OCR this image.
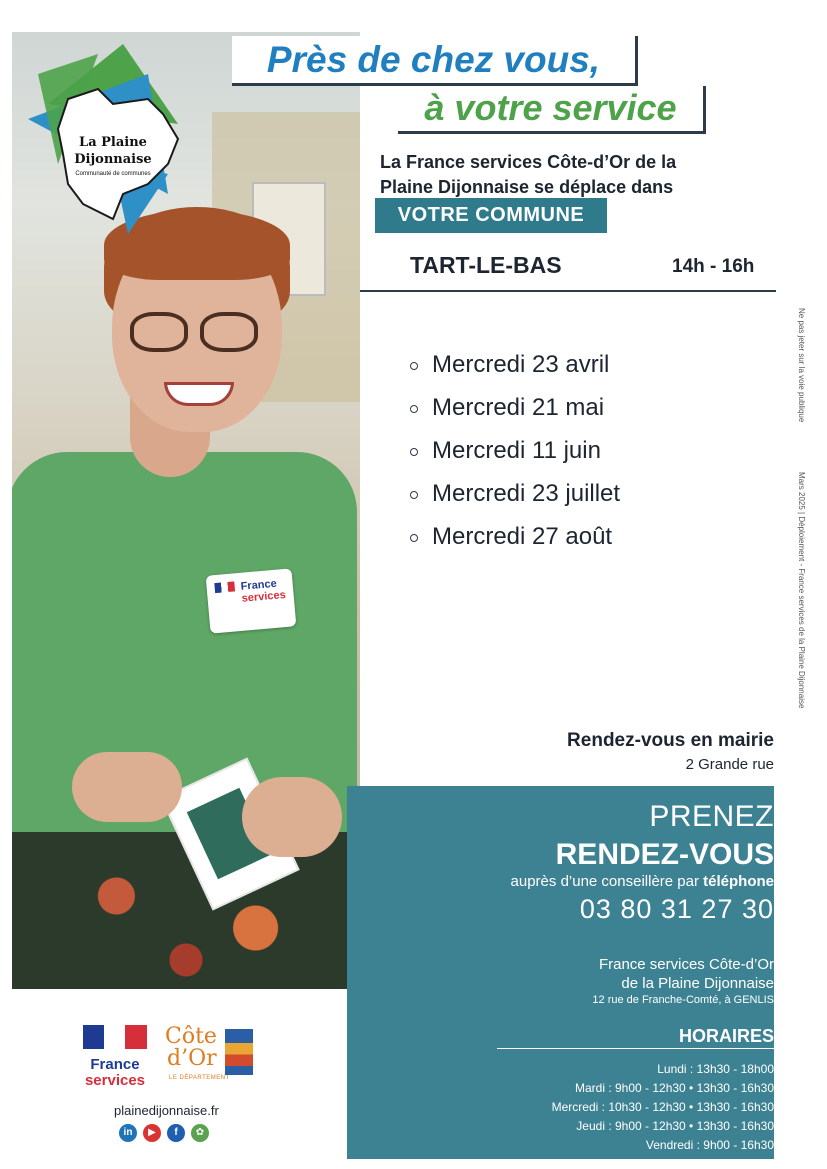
France
services
La Plaine
Dijonnaise
Communauté de communes
Près de chez vous,
à votre service
La France services Côte-d’Or de la
Plaine Dijonnaise se déplace dans
VOTRE COMMUNE
TART-LE-BAS	14h - 16h
Mercredi 23 avril
Mercredi 21 mai
Mercredi 11 juin
Mercredi 23 juillet
Mercredi 27 août
Ne pas jeter sur la voie publique
Mars 2025 | Déploiement - France services de la Plaine Dijonnaise
Rendez-vous en mairie
2 Grande rue
PRENEZ
RENDEZ-VOUS
auprès d’une conseillère par téléphone
03 80 31 27 30
France services Côte-d’Or
de la Plaine Dijonnaise
12 rue de Franche-Comté, à GENLIS
HORAIRES
Lundi : 13h30 - 18h00
Mardi : 9h00 - 12h30 • 13h30 - 16h30
Mercredi : 10h30 - 12h30 • 13h30 - 16h30
Jeudi : 9h00 - 12h30 • 13h30 - 16h30
Vendredi : 9h00 - 16h30
France
services
Côte
d’Or
LE DÉPARTEMENT
plainedijonnaise.fr
in	▶	f	✿
